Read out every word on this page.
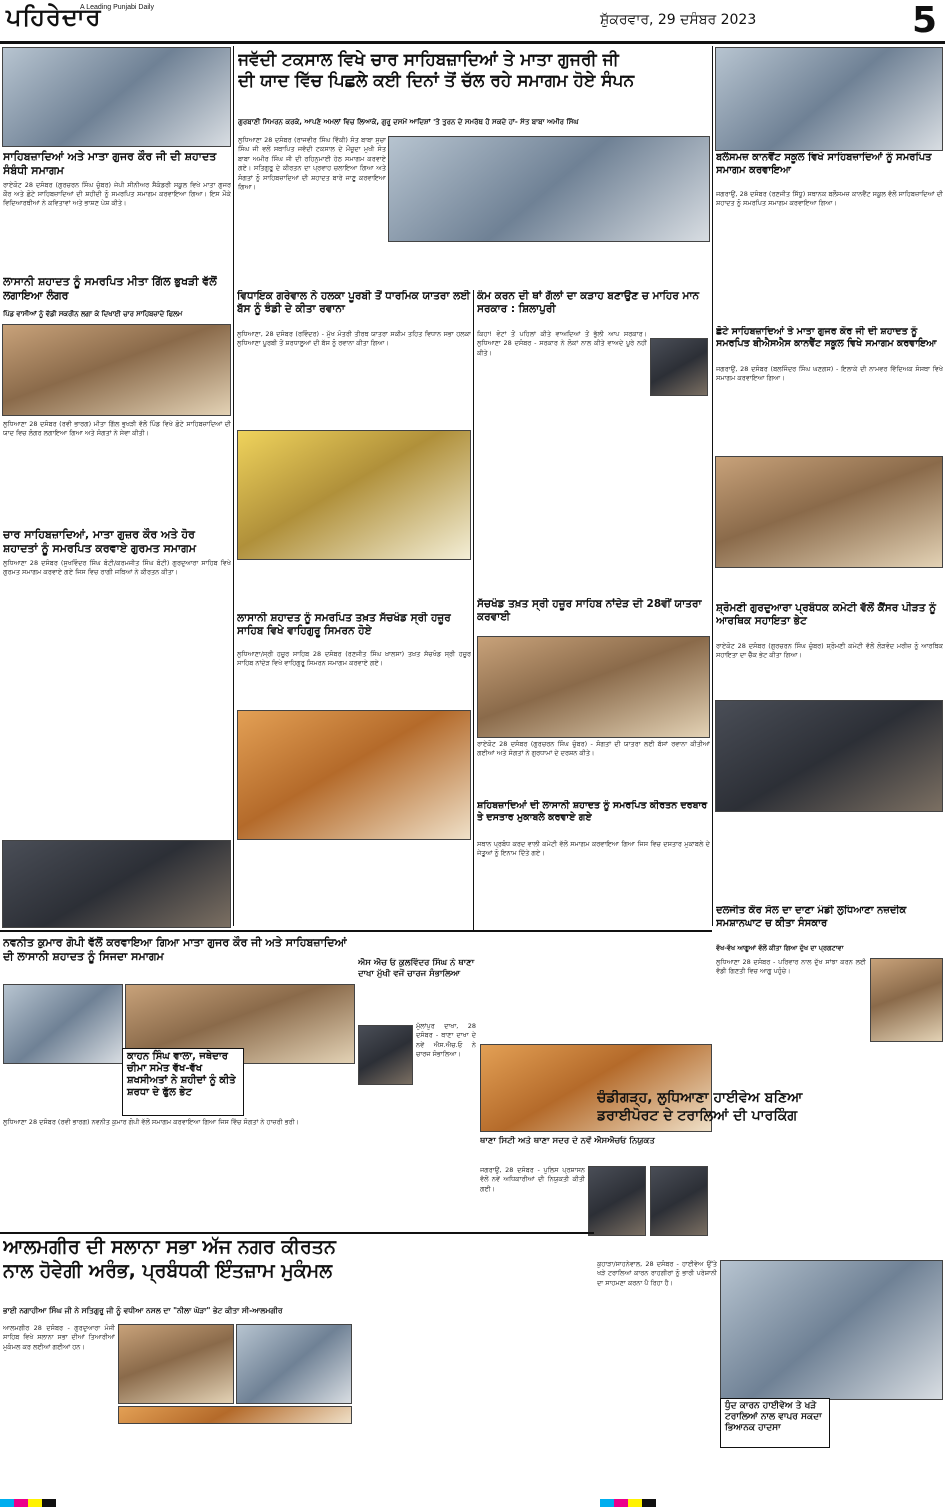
ਪਹਿਰੇਦਾਰ
A Leading Punjabi Daily
ਸ਼ੁੱਕਰਵਾਰ, 29 ਦਸੰਬਰ 2023	5
ਸਾਹਿਬਜ਼ਾਦਿਆਂ ਅਤੇ ਮਾਤਾ ਗੁਜਰ ਕੌਰ ਜੀ ਦੀ ਸ਼ਹਾਦਤ ਸੰਬੰਧੀ ਸਮਾਗਮ
ਰਾਏਕੋਟ 28 ਦਸੰਬਰ (ਗੁਰਚਰਨ ਸਿੰਘ ਚੁੰਬਰ) ਜੇਪੀ ਸੀਨੀਅਰ ਸੈਕੰਡਰੀ ਸਕੂਲ ਵਿਖੇ ਮਾਤਾ ਗੁਜਰ ਕੌਰ ਅਤੇ ਛੋਟੇ ਸਾਹਿਬਜ਼ਾਦਿਆਂ ਦੀ ਸ਼ਹੀਦੀ ਨੂੰ ਸਮਰਪਿਤ ਸਮਾਗਮ ਕਰਵਾਇਆ ਗਿਆ। ਇਸ ਮੌਕੇ ਵਿਦਿਆਰਥੀਆਂ ਨੇ ਕਵਿਤਾਵਾਂ ਅਤੇ ਭਾਸ਼ਣ ਪੇਸ਼ ਕੀਤੇ।
ਲਾਸਾਨੀ ਸ਼ਹਾਦਤ ਨੂੰ ਸਮਰਪਿਤ ਮੀਤਾ ਗਿੱਲ ਭੁਖੜੀ ਵੱਲੋਂ ਲਗਾਇਆ ਲੰਗਰ
ਪਿੰਡ ਵਾਸੀਆਂ ਨੂੰ ਵੱਡੀ ਸਕਰੀਨ ਲਗਾ ਕੇ ਦਿਖਾਈ ਚਾਰ ਸਾਹਿਬਜ਼ਾਦੇ ਫਿਲਮ
ਲੁਧਿਆਣਾ 28 ਦਸੰਬਰ (ਰਵੀ ਭਾਰਗ) ਮੀਤਾ ਗਿੱਲ ਭੁਖੜੀ ਵੱਲੋਂ ਪਿੰਡ ਵਿਖੇ ਛੋਟੇ ਸਾਹਿਬਜ਼ਾਦਿਆਂ ਦੀ ਯਾਦ ਵਿਚ ਲੰਗਰ ਲਗਾਇਆ ਗਿਆ ਅਤੇ ਸੰਗਤਾਂ ਨੇ ਸੇਵਾ ਕੀਤੀ।
ਚਾਰ ਸਾਹਿਬਜ਼ਾਦਿਆਂ, ਮਾਤਾ ਗੁਜ਼ਰ ਕੌਰ ਅਤੇ ਹੋਰ ਸ਼ਹਾਦਤਾਂ ਨੂੰ ਸਮਰਪਿਤ ਕਰਵਾਏ ਗੁਰਮਤ ਸਮਾਗਮ
ਲੁਧਿਆਣਾ 28 ਦਸੰਬਰ (ਸੁਖਵਿੰਦਰ ਸਿੰਘ ਬੰਟੀ/ਕਰਮਜੀਤ ਸਿੰਘ ਬੰਟੀ) ਗੁਰਦੁਆਰਾ ਸਾਹਿਬ ਵਿਖੇ ਗੁਰਮਤ ਸਮਾਗਮ ਕਰਵਾਏ ਗਏ ਜਿਸ ਵਿਚ ਰਾਗੀ ਜਥਿਆਂ ਨੇ ਕੀਰਤਨ ਕੀਤਾ।
ਜਵੱਦੀ ਟਕਸਾਲ ਵਿਖੇ ਚਾਰ ਸਾਹਿਬਜ਼ਾਦਿਆਂ ਤੇ ਮਾਤਾ ਗੁਜਰੀ ਜੀ
ਦੀ ਯਾਦ ਵਿੱਚ ਪਿਛਲੇ ਕਈ ਦਿਨਾਂ ਤੋਂ ਚੱਲ ਰਹੇ ਸਮਾਗਮ ਹੋਏ ਸੰਪਨ
ਗੁਰਬਾਣੀ ਸਿਮਰਨ ਕਰਕੇ, ਆਪਣੇ ਅਮਲਾਂ ਵਿਚ ਲਿਆਕੇ, ਗੁਰੂ ਦਸਮੇਂ ਆਦਿਸ਼ਾਂ 'ਤੇ ਤੁਰਨ ਦੇ ਸਮਰੱਥ ਹੋ ਸਕਦੇ ਹਾਂ- ਸੰਤ ਬਾਬਾ ਅਮੀਰ ਸਿੰਘ
ਲੁਧਿਆਣਾ 28 ਦਸੰਬਰ (ਰਾਜਵੀਰ ਸਿੰਘ ਵਿੱਕੀ) ਸੰਤ ਬਾਬਾ ਸੁਚਾ ਸਿੰਘ ਜੀ ਵਲੋਂ ਸਥਾਪਿਤ ਜਵੱਦੀ ਟਕਸਾਲ ਦੇ ਮੌਜੂਦਾ ਮੁਖੀ ਸੰਤ ਬਾਬਾ ਅਮੀਰ ਸਿੰਘ ਜੀ ਦੀ ਰਹਿਨੁਮਾਈ ਹੇਠ ਸਮਾਗਮ ਕਰਵਾਏ ਗਏ। ਸਤਿਗੁਰੂ ਦੇ ਕੀਰਤਨ ਦਾ ਪ੍ਰਵਾਹ ਚਲਾਇਆ ਗਿਆ ਅਤੇ ਸੰਗਤਾਂ ਨੂੰ ਸਾਹਿਬਜ਼ਾਦਿਆਂ ਦੀ ਸ਼ਹਾਦਤ ਬਾਰੇ ਜਾਣੂ ਕਰਵਾਇਆ ਗਿਆ।
ਵਿਧਾਇਕ ਗਰੇਵਾਲ ਨੇ ਹਲਕਾ ਪੂਰਬੀ ਤੋਂ ਧਾਰਮਿਕ ਯਾਤਰਾ ਲਈ ਬੱਸ ਨੂੰ ਝੰਡੀ ਦੇ ਕੀਤਾ ਰਵਾਨਾ
ਲੁਧਿਆਣਾ, 28 ਦਸੰਬਰ (ਰਵਿੰਦਰ) - ਮੁੱਖ ਮੰਤਰੀ ਤੀਰਥ ਯਾਤਰਾ ਸਕੀਮ ਤਹਿਤ ਵਿਧਾਨ ਸਭਾ ਹਲਕਾ ਲੁਧਿਆਣਾ ਪੂਰਬੀ ਤੋਂ ਸ਼ਰਧਾਲੂਆਂ ਦੀ ਬੱਸ ਨੂੰ ਰਵਾਨਾ ਕੀਤਾ ਗਿਆ।
ਲਾਸਾਨੀ ਸ਼ਹਾਦਤ ਨੂੰ ਸਮਰਪਿਤ ਤਖ਼ਤ ਸੱਚਖੰਡ ਸ੍ਰੀ ਹਜ਼ੂਰ ਸਾਹਿਬ ਵਿਖੇ ਵਾਹਿਗੁਰੂ ਸਿਮਰਨ ਹੋਏ
ਲੁਧਿਆਣਾ/ਸ੍ਰੀ ਹਜ਼ੂਰ ਸਾਹਿਬ 28 ਦਸੰਬਰ (ਰਣਜੀਤ ਸਿੰਘ ਖ਼ਾਲਸਾ) ਤਖ਼ਤ ਸੱਚਖੰਡ ਸ੍ਰੀ ਹਜ਼ੂਰ ਸਾਹਿਬ ਨਾਂਦੇੜ ਵਿਖੇ ਵਾਹਿਗੁਰੂ ਸਿਮਰਨ ਸਮਾਗਮ ਕਰਵਾਏ ਗਏ।
ਕੰਮ ਕਰਨ ਦੀ ਥਾਂ ਗੱਲਾਂ ਦਾ ਕੜਾਹ ਬਣਾਉਣ ਚ ਮਾਹਿਰ ਮਾਨ ਸਰਕਾਰ : ਸ਼ਿਲਾਪੁਰੀ
ਕਿਹਾ! ਵੋਟਾਂ ਤੋਂ ਪਹਿਲਾਂ ਕੀਤੇ ਵਾਅਦਿਆਂ ਤੋਂ ਭੁੱਲੀ ਆਪ ਸਰਕਾਰ। ਲੁਧਿਆਣਾ 28 ਦਸੰਬਰ - ਸਰਕਾਰ ਨੇ ਲੋਕਾਂ ਨਾਲ ਕੀਤੇ ਵਾਅਦੇ ਪੂਰੇ ਨਹੀਂ ਕੀਤੇ।
ਸੱਚਖੰਡ ਤਖ਼ਤ ਸ੍ਰੀ ਹਜ਼ੂਰ ਸਾਹਿਬ ਨਾਂਦੇੜ ਦੀ 28ਵੀਂ ਯਾਤਰਾ ਕਰਵਾਈ
ਰਾਏਕੋਟ 28 ਦਸੰਬਰ (ਗੁਰਚਰਨ ਸਿੰਘ ਚੁੰਬਰ) - ਸੰਗਤਾਂ ਦੀ ਯਾਤਰਾ ਲਈ ਬੱਸਾਂ ਰਵਾਨਾ ਕੀਤੀਆਂ ਗਈਆਂ ਅਤੇ ਸੰਗਤਾਂ ਨੇ ਗੁਰਧਾਮਾਂ ਦੇ ਦਰਸ਼ਨ ਕੀਤੇ।
ਸ਼ਹਿਬਜ਼ਾਦਿਆਂ ਦੀ ਲਾਸਾਨੀ ਸ਼ਹਾਦਤ ਨੂੰ ਸਮਰਪਿਤ ਕੀਰਤਨ ਦਰਬਾਰ ਤੇ ਦਸਤਾਰ ਮੁਕਾਬਲੇ ਕਰਵਾਏ ਗਏ
ਸਥਾਨ ਪ੍ਰਬੰਧ ਕਰਦ ਵਾਲੀ ਕਮੇਟੀ ਵੱਲੋਂ ਸਮਾਗਮ ਕਰਵਾਇਆ ਗਿਆ ਜਿਸ ਵਿਚ ਦਸਤਾਰ ਮੁਕਾਬਲੇ ਦੇ ਜੇਤੂਆਂ ਨੂੰ ਇਨਾਮ ਦਿੱਤੇ ਗਏ।
ਬਲੌਸਮਜ਼ ਕਾਨਵੈਂਟ ਸਕੂਲ ਵਿਖੇ ਸਾਹਿਬਜ਼ਾਦਿਆਂ ਨੂੰ ਸਮਰਪਿਤ ਸਮਾਗਮ ਕਰਵਾਇਆ
ਜਗਰਾਉਂ, 28 ਦਸੰਬਰ (ਰਣਜੀਤ ਸਿੱਧੂ) ਸਥਾਨਕ ਬਲੌਸਮਜ਼ ਕਾਨਵੈਂਟ ਸਕੂਲ ਵੱਲੋਂ ਸਾਹਿਬਜ਼ਾਦਿਆਂ ਦੀ ਸ਼ਹਾਦਤ ਨੂੰ ਸਮਰਪਿਤ ਸਮਾਗਮ ਕਰਵਾਇਆ ਗਿਆ।
ਛੋਟੇ ਸਾਹਿਬਜ਼ਾਦਿਆਂ ਤੇ ਮਾਤਾ ਗੁਜਰ ਕੌਰ ਜੀ ਦੀ ਸ਼ਹਾਦਤ ਨੂੰ ਸਮਰਪਿਤ ਬੀਐਸਐਸ ਕਾਨਵੈਂਟ ਸਕੂਲ ਵਿਖੇ ਸਮਾਗਮ ਕਰਵਾਇਆ
ਜਗਰਾਉਂ, 28 ਦਸੰਬਰ (ਬਲਜਿੰਦਰ ਸਿੰਘ ਘਣਗਸ) - ਇਲਾਕੇ ਦੀ ਨਾਮਵਰ ਵਿੱਦਿਅਕ ਸੰਸਥਾ ਵਿਖੇ ਸਮਾਗਮ ਕਰਵਾਇਆ ਗਿਆ।
ਸ਼੍ਰੋਮਣੀ ਗੁਰਦੁਆਰਾ ਪ੍ਰਬੰਧਕ ਕਮੇਟੀ ਵੱਲੋਂ ਕੈਂਸਰ ਪੀੜਤ ਨੂੰ ਆਰਥਿਕ ਸਹਾਇਤਾ ਭੇਟ
ਰਾਏਕੋਟ 28 ਦਸੰਬਰ (ਗੁਰਚਰਨ ਸਿੰਘ ਚੁੰਬਰ) ਸ਼੍ਰੋਮਣੀ ਕਮੇਟੀ ਵੱਲੋਂ ਲੋੜਵੰਦ ਮਰੀਜ਼ ਨੂੰ ਆਰਥਿਕ ਸਹਾਇਤਾ ਦਾ ਚੈੱਕ ਭੇਟ ਕੀਤਾ ਗਿਆ।
ਦਲਜੀਤ ਕੌਰ ਸੋਲ ਦਾ ਦਾਣਾ ਮੰਡੀ ਲੁਧਿਆਣਾ ਨਜ਼ਦੀਕ ਸਮਸ਼ਾਨਘਾਟ ਚ ਕੀਤਾ ਸੰਸਕਾਰ
ਵੱਖ-ਵੱਖ ਆਗੂਆਂ ਵੱਲੋਂ ਕੀਤਾ ਗਿਆ ਦੁੱਖ ਦਾ ਪ੍ਰਗਟਾਵਾ
ਲੁਧਿਆਣਾ 28 ਦਸੰਬਰ - ਪਰਿਵਾਰ ਨਾਲ ਦੁੱਖ ਸਾਂਝਾ ਕਰਨ ਲਈ ਵੱਡੀ ਗਿਣਤੀ ਵਿਚ ਆਗੂ ਪਹੁੰਚੇ।
ਨਵਨੀਤ ਕੁਮਾਰ ਗੋਪੀ ਵੱਲੋਂ ਕਰਵਾਇਆ ਗਿਆ ਮਾਤਾ ਗੁਜਰ ਕੌਰ ਜੀ ਅਤੇ ਸਾਹਿਬਜ਼ਾਦਿਆਂ ਦੀ ਲਾਸਾਨੀ ਸ਼ਹਾਦਤ ਨੂੰ ਸਿਜਦਾ ਸਮਾਗਮ
ਕਾਹਨ ਸਿੰਘ ਵਾਲਾ, ਜਥੇਦਾਰ ਚੀਮਾ ਸਮੇਤ ਵੱਖ-ਵੱਖ ਸ਼ਖਸੀਅਤਾਂ ਨੇ ਸ਼ਹੀਦਾਂ ਨੂੰ ਕੀਤੇ ਸ਼ਰਧਾ ਦੇ ਫੁੱਲ ਭੇਟ
ਲੁਧਿਆਣਾ 28 ਦਸੰਬਰ (ਰਵੀ ਭਾਰਗ) ਨਵਨੀਤ ਕੁਮਾਰ ਗੋਪੀ ਵੱਲੋਂ ਸਮਾਗਮ ਕਰਵਾਇਆ ਗਿਆ ਜਿਸ ਵਿੱਚ ਸੰਗਤਾਂ ਨੇ ਹਾਜ਼ਰੀ ਭਰੀ।
ਐਸ ਐਚ ਓ ਕੁਲਵਿੰਦਰ ਸਿੰਘ ਨੇ ਥਾਣਾ ਦਾਖਾ ਮੁੱਖੀ ਵਜੋਂ ਚਾਰਜ ਸੰਭਾਲਿਆ
ਮੁੱਲਾਂਪੁਰ ਦਾਖਾ, 28 ਦਸੰਬਰ - ਥਾਣਾ ਦਾਖਾ ਦੇ ਨਵੇਂ ਐਸ.ਐਚ.ਓ ਨੇ ਚਾਰਜ ਸੰਭਾਲਿਆ।
ਥਾਣਾ ਸਿਟੀ ਅਤੇ ਥਾਣਾ ਸਦਰ ਦੇ ਨਵੇਂ ਐਸਐਚਓ ਨਿਯੁਕਤ
ਜਗਰਾਉਂ, 28 ਦਸੰਬਰ - ਪੁਲਿਸ ਪ੍ਰਸ਼ਾਸਨ ਵੱਲੋਂ ਨਵੇਂ ਅਧਿਕਾਰੀਆਂ ਦੀ ਨਿਯੁਕਤੀ ਕੀਤੀ ਗਈ।
ਚੰਡੀਗੜ੍ਹ, ਲੁਧਿਆਣਾ ਹਾਈਵੇਅ ਬਣਿਆ
ਡਰਾਈਪੋਰਟ ਦੇ ਟਰਾਲਿਆਂ ਦੀ ਪਾਰਕਿੰਗ
ਕੁਹਾੜਾ/ਸਾਹਨੇਵਾਲ, 28 ਦਸੰਬਰ - ਹਾਈਵੇਅ ਉੱਤੇ ਖੜੇ ਟਰਾਲਿਆਂ ਕਾਰਨ ਰਾਹਗੀਰਾਂ ਨੂੰ ਭਾਰੀ ਪਰੇਸ਼ਾਨੀ ਦਾ ਸਾਹਮਣਾ ਕਰਨਾ ਪੈ ਰਿਹਾ ਹੈ।
ਧੁੰਦ ਕਾਰਨ ਹਾਈਵੇਅ ਤੇ ਖੜੇ ਟਰਾਲਿਆਂ ਨਾਲ ਵਾਪਰ ਸਕਦਾ ਭਿਆਨਕ ਹਾਦਸਾ
ਆਲਮਗੀਰ ਦੀ ਸਲਾਨਾ ਸਭਾ ਅੱਜ ਨਗਰ ਕੀਰਤਨ
ਨਾਲ ਹੋਵੇਗੀ ਅਰੰਭ, ਪ੍ਰਬੰਧਕੀ ਇੰਤਜ਼ਾਮ ਮੁਕੰਮਲ
ਭਾਈ ਨਗਾਹੀਆ ਸਿੰਘ ਜੀ ਨੇ ਸਤਿਗੁਰੂ ਜੀ ਨੂੰ ਵਧੀਆ ਨਸਲ ਦਾ "ਨੀਲਾ ਘੋੜਾ" ਭੇਟ ਕੀਤਾ ਸੀ-ਆਲਮਗੀਰ
ਆਲਮਗੀਰ 28 ਦਸੰਬਰ - ਗੁਰਦੁਆਰਾ ਮੰਜੀ ਸਾਹਿਬ ਵਿਖੇ ਸਲਾਨਾ ਸਭਾ ਦੀਆਂ ਤਿਆਰੀਆਂ ਮੁਕੰਮਲ ਕਰ ਲਈਆਂ ਗਈਆਂ ਹਨ।
